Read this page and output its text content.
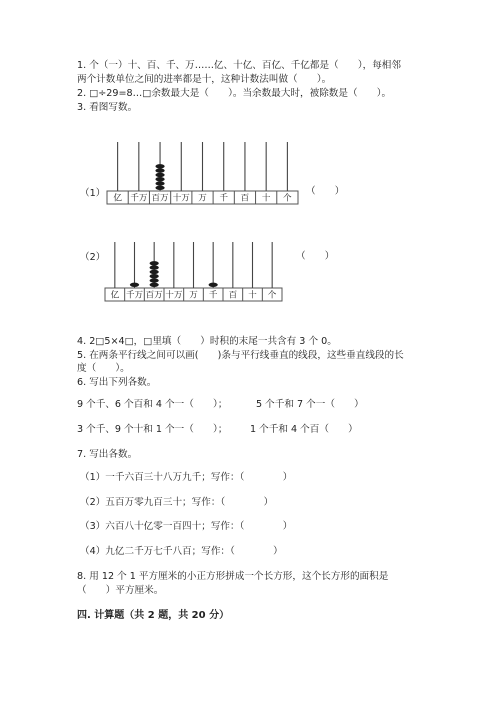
1. 个（一）十、百、千、万……亿、十亿、百亿、千亿都是（　　），每相邻
两个计数单位之间的进率都是十，这种计数法叫做（　　）。
2. □÷29=8…□余数最大是（　　）。当余数最大时，被除数是（　　）。
3. 看图写数。
（1）	（　　）
亿 千万 百万 十万 万 千 百 十 个
（2）	（　　）
亿 千万 百万 十万 万 千 百 十 个
4. 2□5×4□，□里填（　　）时积的末尾一共含有 3 个 0。
5. 在两条平行线之间可以画(　　)条与平行线垂直的线段，这些垂直线段的长
度（　　）。
6. 写出下列各数。
9 个千、6 个百和 4 个一（　　）；	5 个千和 7 个一（　　）
3 个千、9 个十和 1 个一（　　）； 1 个千和 4 个百（　　）
7. 写出各数。
（1）一千六百三十八万九千；写作：（　　　　）
（2）五百万零九百三十；写作：（　　　　）
（3）六百八十亿零一百四十；写作：（　　　　）
（4）九亿二千万七千八百；写作：（　　　　）
8. 用 12 个 1 平方厘米的小正方形拼成一个长方形，这个长方形的面积是
（　　）平方厘米。
四. 计算题（共 2 题，共 20 分）
